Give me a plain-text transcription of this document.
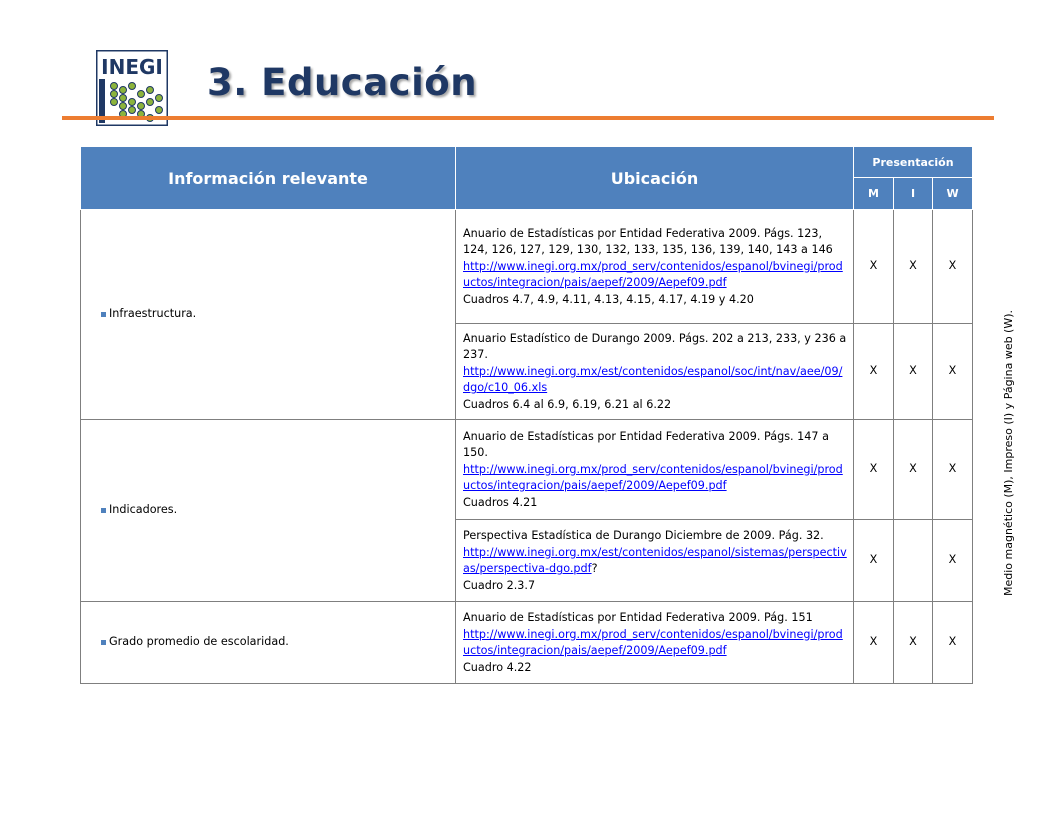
INEGI 3. Educación
Información relevante	Ubicación	Presentación		
		M	I	W
Infraestructura.	Anuario de Estadísticas por Entidad Federativa 2009. Págs. 123, 124, 126, 127, 129, 130, 132, 133, 135, 136, 139, 140, 143 a 146
http://www.inegi.org.mx/prod_serv/contenidos/espanol/bvinegi/productos/integracion/pais/aepef/2009/Aepef09.pdf
Cuadros 4.7, 4.9, 4.11, 4.13, 4.15, 4.17, 4.19 y 4.20	X	X	X
	Anuario Estadístico de Durango 2009. Págs. 202 a 213, 233, y 236 a 237.
http://www.inegi.org.mx/est/contenidos/espanol/soc/int/nav/aee/09/dgo/c10_06.xls
Cuadros 6.4 al 6.9, 6.19, 6.21 al 6.22	X	X	X
Indicadores.	Anuario de Estadísticas por Entidad Federativa 2009. Págs. 147 a 150.
http://www.inegi.org.mx/prod_serv/contenidos/espanol/bvinegi/productos/integracion/pais/aepef/2009/Aepef09.pdf
Cuadros 4.21	X	X	X
	Perspectiva Estadística de Durango Diciembre de 2009. Pág. 32.
http://www.inegi.org.mx/est/contenidos/espanol/sistemas/perspectivas/perspectiva-dgo.pdf?
Cuadro 2.3.7	X		X
Grado promedio de escolaridad.	Anuario de Estadísticas por Entidad Federativa 2009. Pág. 151
http://www.inegi.org.mx/prod_serv/contenidos/espanol/bvinegi/productos/integracion/pais/aepef/2009/Aepef09.pdf
Cuadro 4.22	X	X	X
Medio magnético (M), Impreso (I) y Página web (W).
